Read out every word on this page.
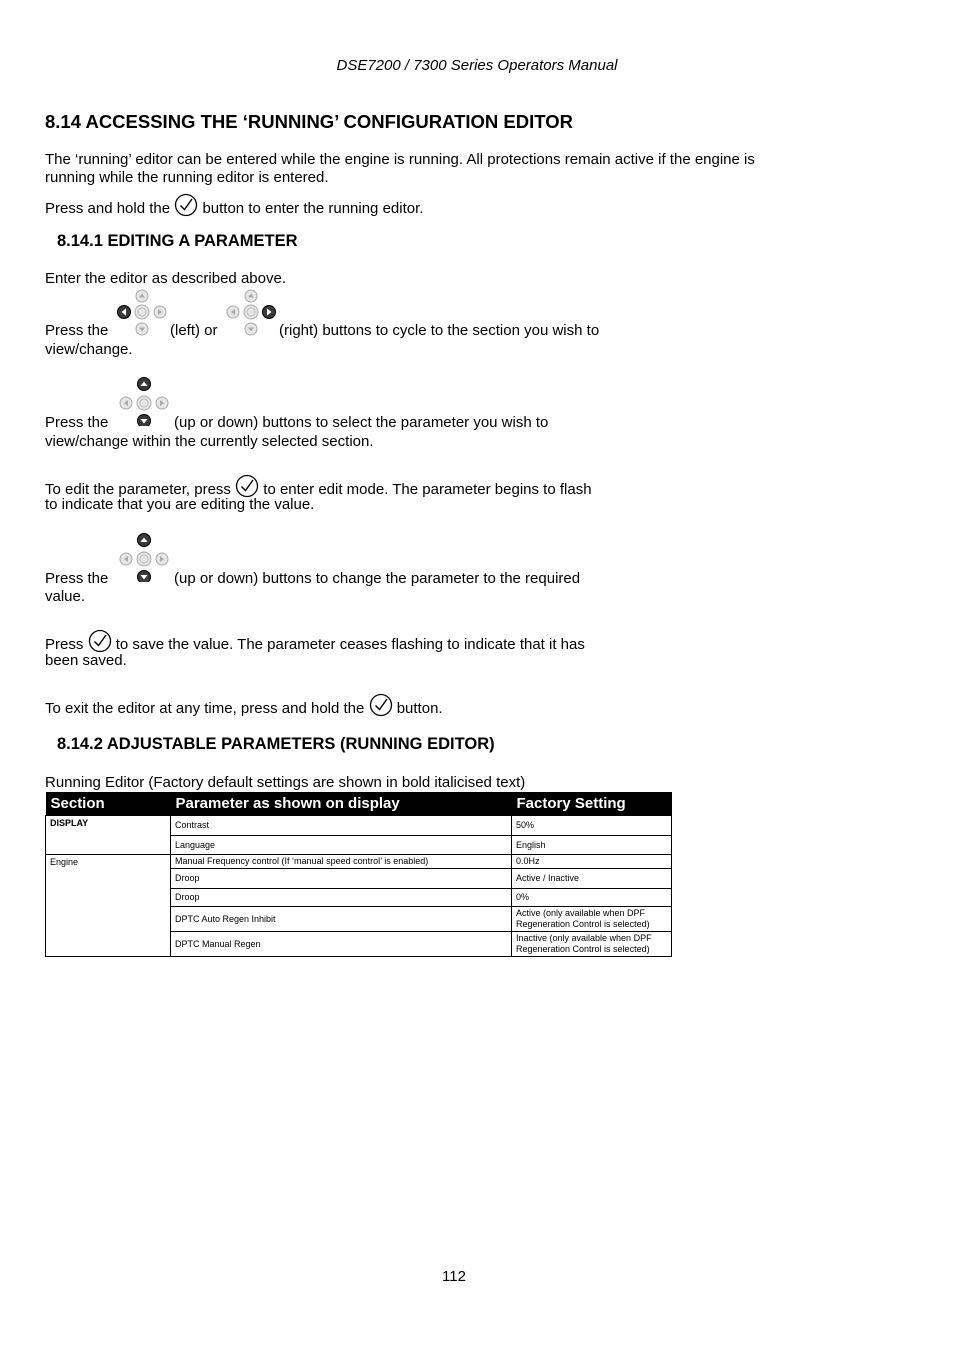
DSE7200 / 7300 Series Operators Manual
8.14 ACCESSING THE ‘RUNNING’ CONFIGURATION EDITOR
The ‘running’ editor can be entered while the engine is running. All protections remain active if the engine is
running while the running editor is entered.
Press and hold the button to enter the running editor.
8.14.1 EDITING A PARAMETER
Enter the editor as described above.
Press the	(left) or	(right) buttons to cycle to the section you wish to
view/change.
Press the	(up or down) buttons to select the parameter you wish to
view/change within the currently selected section.
To edit the parameter, press to enter edit mode. The parameter begins to flash
to indicate that you are editing the value.
Press the	(up or down) buttons to change the parameter to the required
value.
Press to save the value. The parameter ceases flashing to indicate that it has
been saved.
To exit the editor at any time, press and hold the button.
8.14.2 ADJUSTABLE PARAMETERS (RUNNING EDITOR)
Running Editor (Factory default settings are shown in bold italicised text)
Section	Parameter as shown on display	Factory Setting
DISPLAY	Contrast	50%
	Language	English
Engine	Manual Frequency control (If ‘manual speed control’ is enabled)	0.0Hz
	Droop	Active / Inactive
	Droop	0%
	DPTC Auto Regen Inhibit	Active (only available when DPF Regeneration Control is selected)
	DPTC Manual Regen	Inactive (only available when DPF Regeneration Control is selected)
112
